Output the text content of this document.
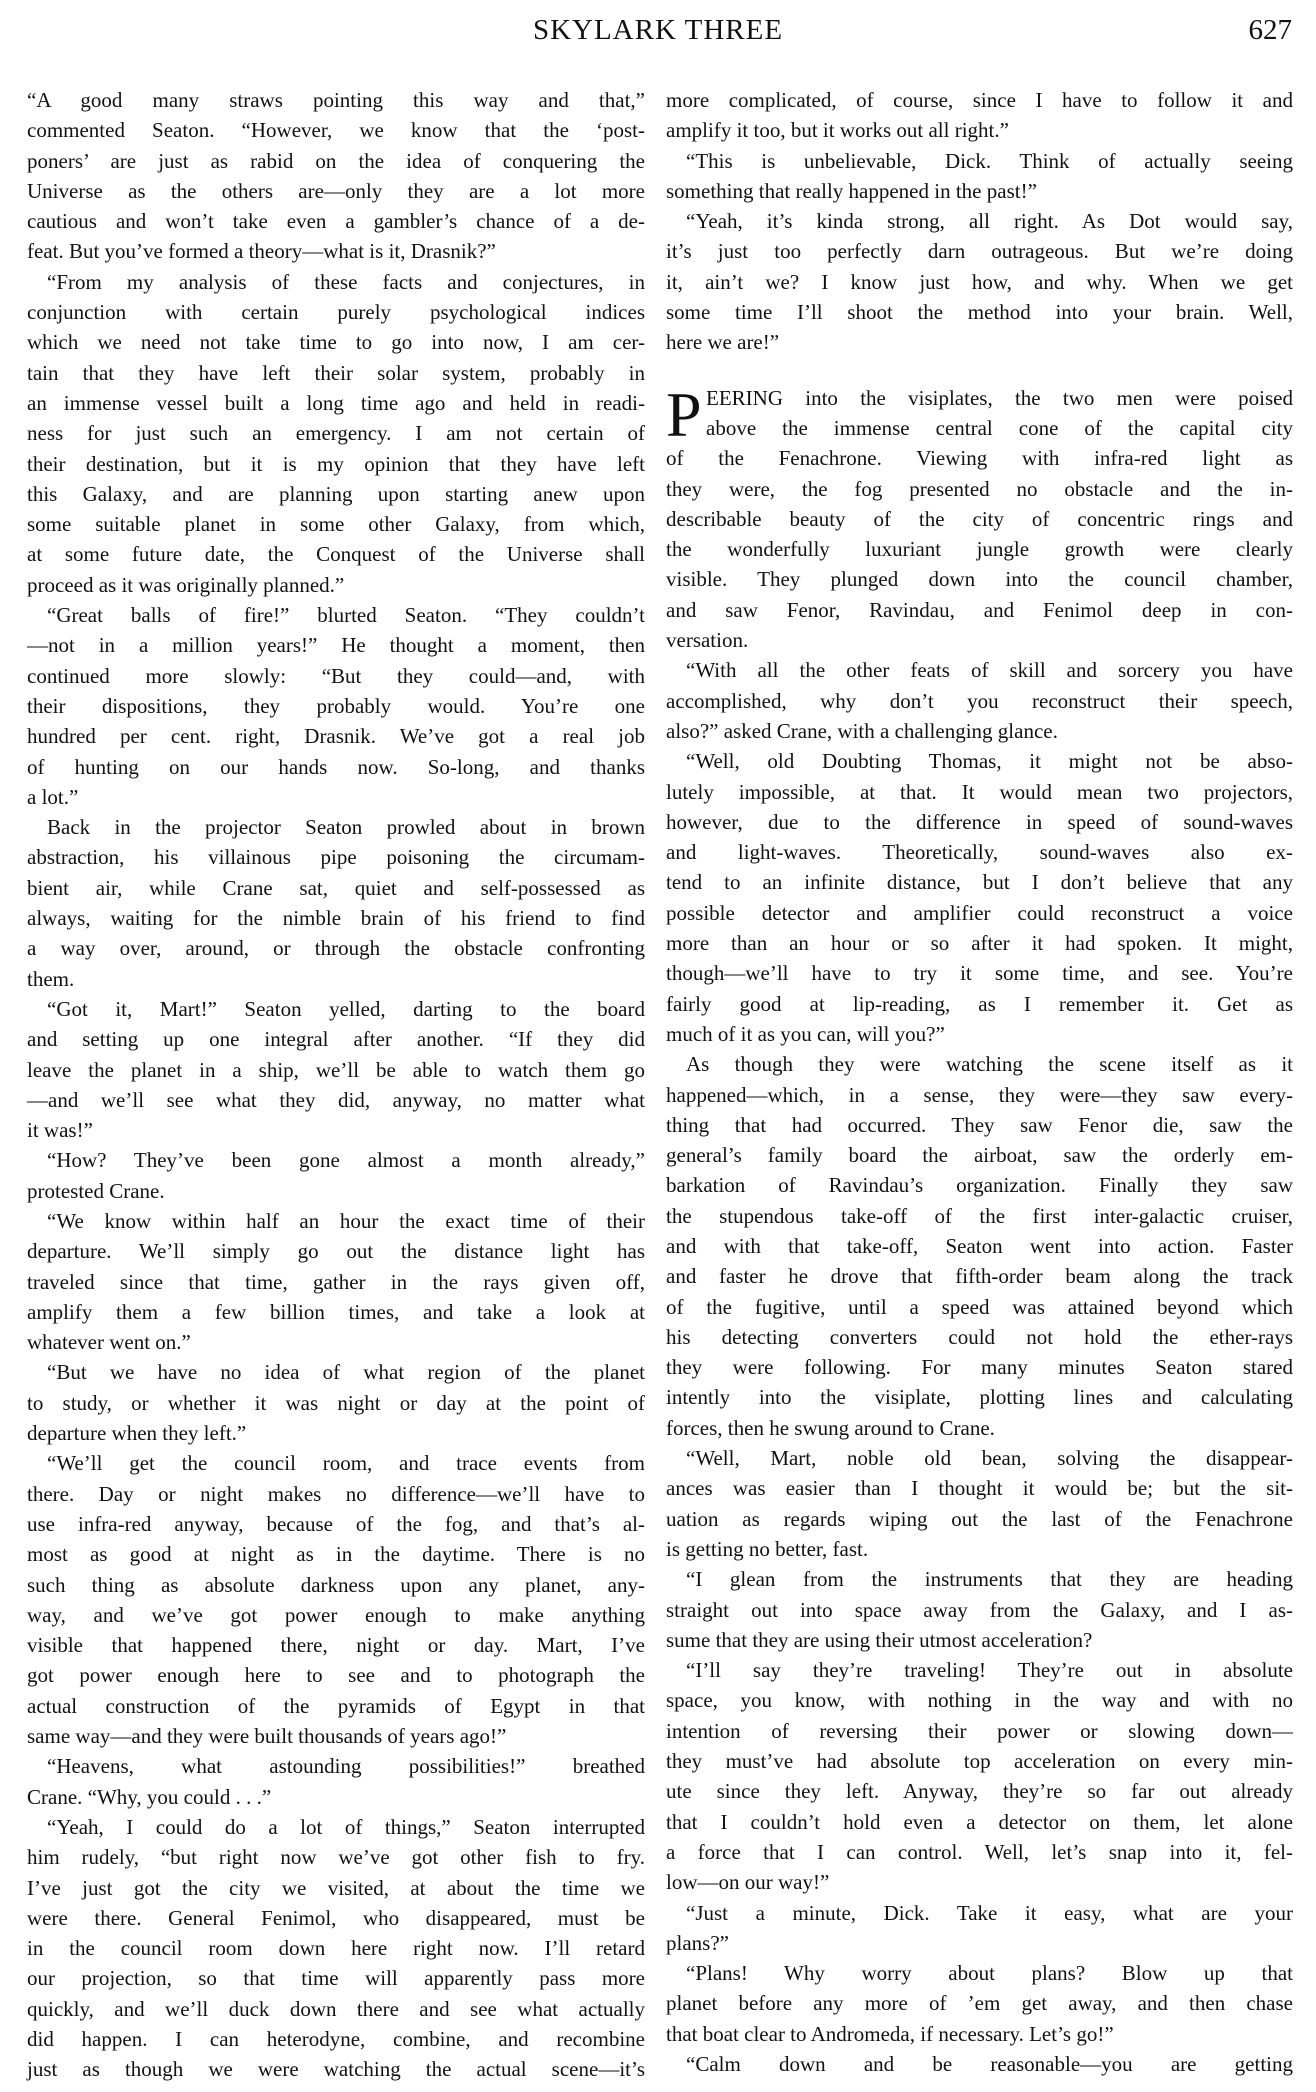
SKYLARK THREE	627
“A good many straws pointing this way and that,”
commented Seaton. “However, we know that the ‘post-
poners’ are just as rabid on the idea of conquering the
Universe as the others are—only they are a lot more
cautious and won’t take even a gambler’s chance of a de-
feat. But you’ve formed a theory—what is it, Drasnik?”
“From my analysis of these facts and conjectures, in
conjunction with certain purely psychological indices
which we need not take time to go into now, I am cer-
tain that they have left their solar system, probably in
an immense vessel built a long time ago and held in readi-
ness for just such an emergency. I am not certain of
their destination, but it is my opinion that they have left
this Galaxy, and are planning upon starting anew upon
some suitable planet in some other Galaxy, from which,
at some future date, the Conquest of the Universe shall
proceed as it was originally planned.”
“Great balls of fire!” blurted Seaton. “They couldn’t
—not in a million years!” He thought a moment, then
continued more slowly: “But they could—and, with
their dispositions, they probably would. You’re one
hundred per cent. right, Drasnik. We’ve got a real job
of hunting on our hands now. So-long, and thanks
a lot.”
Back in the projector Seaton prowled about in brown
abstraction, his villainous pipe poisoning the circumam-
bient air, while Crane sat, quiet and self-possessed as
always, waiting for the nimble brain of his friend to find
a way over, around, or through the obstacle confronting
them.
“Got it, Mart!” Seaton yelled, darting to the board
and setting up one integral after another. “If they did
leave the planet in a ship, we’ll be able to watch them go
—and we’ll see what they did, anyway, no matter what
it was!”
“How? They’ve been gone almost a month already,”
protested Crane.
“We know within half an hour the exact time of their
departure. We’ll simply go out the distance light has
traveled since that time, gather in the rays given off,
amplify them a few billion times, and take a look at
whatever went on.”
“But we have no idea of what region of the planet
to study, or whether it was night or day at the point of
departure when they left.”
“We’ll get the council room, and trace events from
there. Day or night makes no difference—we’ll have to
use infra-red anyway, because of the fog, and that’s al-
most as good at night as in the daytime. There is no
such thing as absolute darkness upon any planet, any-
way, and we’ve got power enough to make anything
visible that happened there, night or day. Mart, I’ve
got power enough here to see and to photograph the
actual construction of the pyramids of Egypt in that
same way—and they were built thousands of years ago!”
“Heavens, what astounding possibilities!” breathed
Crane. “Why, you could . . .”
“Yeah, I could do a lot of things,” Seaton interrupted
him rudely, “but right now we’ve got other fish to fry.
I’ve just got the city we visited, at about the time we
were there. General Fenimol, who disappeared, must be
in the council room down here right now. I’ll retard
our projection, so that time will apparently pass more
quickly, and we’ll duck down there and see what actually
did happen. I can heterodyne, combine, and recombine
just as though we were watching the actual scene—it’s
more complicated, of course, since I have to follow it and
amplify it too, but it works out all right.”
“This is unbelievable, Dick. Think of actually seeing
something that really happened in the past!”
“Yeah, it’s kinda strong, all right. As Dot would say,
it’s just too perfectly darn outrageous. But we’re doing
it, ain’t we? I know just how, and why. When we get
some time I’ll shoot the method into your brain. Well,
here we are!”
P EERING into the visiplates, the two men were poised
above the immense central cone of the capital city
of the Fenachrone. Viewing with infra-red light as
they were, the fog presented no obstacle and the in-
describable beauty of the city of concentric rings and
the wonderfully luxuriant jungle growth were clearly
visible. They plunged down into the council chamber,
and saw Fenor, Ravindau, and Fenimol deep in con-
versation.
“With all the other feats of skill and sorcery you have
accomplished, why don’t you reconstruct their speech,
also?” asked Crane, with a challenging glance.
“Well, old Doubting Thomas, it might not be abso-
lutely impossible, at that. It would mean two projectors,
however, due to the difference in speed of sound-waves
and light-waves. Theoretically, sound-waves also ex-
tend to an infinite distance, but I don’t believe that any
possible detector and amplifier could reconstruct a voice
more than an hour or so after it had spoken. It might,
though—we’ll have to try it some time, and see. You’re
fairly good at lip-reading, as I remember it. Get as
much of it as you can, will you?”
As though they were watching the scene itself as it
happened—which, in a sense, they were—they saw every-
thing that had occurred. They saw Fenor die, saw the
general’s family board the airboat, saw the orderly em-
barkation of Ravindau’s organization. Finally they saw
the stupendous take-off of the first inter-galactic cruiser,
and with that take-off, Seaton went into action. Faster
and faster he drove that fifth-order beam along the track
of the fugitive, until a speed was attained beyond which
his detecting converters could not hold the ether-rays
they were following. For many minutes Seaton stared
intently into the visiplate, plotting lines and calculating
forces, then he swung around to Crane.
“Well, Mart, noble old bean, solving the disappear-
ances was easier than I thought it would be; but the sit-
uation as regards wiping out the last of the Fenachrone
is getting no better, fast.
“I glean from the instruments that they are heading
straight out into space away from the Galaxy, and I as-
sume that they are using their utmost acceleration?
“I’ll say they’re traveling! They’re out in absolute
space, you know, with nothing in the way and with no
intention of reversing their power or slowing down—
they must’ve had absolute top acceleration on every min-
ute since they left. Anyway, they’re so far out already
that I couldn’t hold even a detector on them, let alone
a force that I can control. Well, let’s snap into it, fel-
low—on our way!”
“Just a minute, Dick. Take it easy, what are your
plans?”
“Plans! Why worry about plans? Blow up that
planet before any more of ’em get away, and then chase
that boat clear to Andromeda, if necessary. Let’s go!”
“Calm down and be reasonable—you are getting
